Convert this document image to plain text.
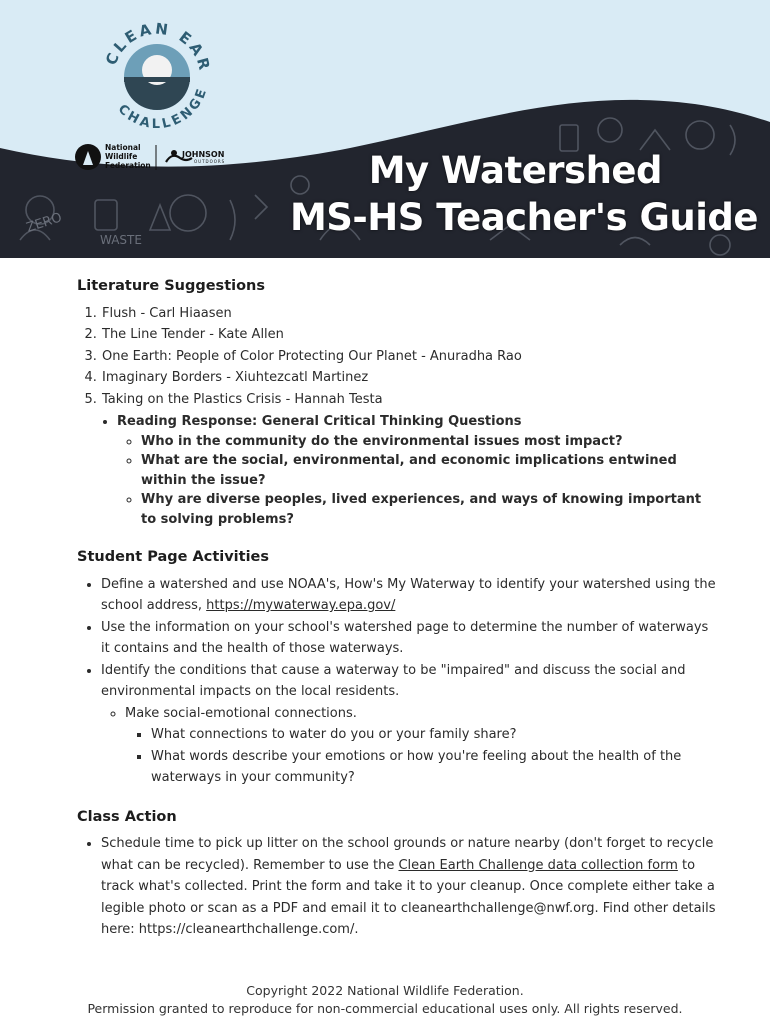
ZERO
WASTE
CLEAN EAR
CHALLENGE
National
Wildlife
Federation
JOHNSON
OUTDOORS	My Watershed
MS-HS Teacher's Guide
Literature Suggestions
1. Flush - Carl Hiaasen
2. The Line Tender - Kate Allen
3. One Earth: People of Color Protecting Our Planet - Anuradha Rao
4. Imaginary Borders - Xiuhtezcatl Martinez
5. Taking on the Plastics Crisis - Hannah Testa
• Reading Response: General Critical Thinking Questions
◦ Who in the community do the environmental issues most impact?
◦ What are the social, environmental, and economic implications entwined within the issue?
◦ Why are diverse peoples, lived experiences, and ways of knowing important to solving problems?
Student Page Activities
• Define a watershed and use NOAA's, How's My Waterway to identify your watershed using the school address, https://mywaterway.epa.gov/
• Use the information on your school's watershed page to determine the number of waterways it contains and the health of those waterways.
• Identify the conditions that cause a waterway to be "impaired" and discuss the social and environmental impacts on the local residents.
◦ Make social-emotional connections.
▪ What connections to water do you or your family share?
▪ What words describe your emotions or how you're feeling about the health of the waterways in your community?
Class Action
• Schedule time to pick up litter on the school grounds or nature nearby (don't forget to recycle what can be recycled). Remember to use the Clean Earth Challenge data collection form to track what's collected. Print the form and take it to your cleanup. Once complete either take a legible photo or scan as a PDF and email it to cleanearthchallenge@nwf.org. Find other details here: https://cleanearthchallenge.com/.
Copyright 2022 National Wildlife Federation.
Permission granted to reproduce for non-commercial educational uses only. All rights reserved.
